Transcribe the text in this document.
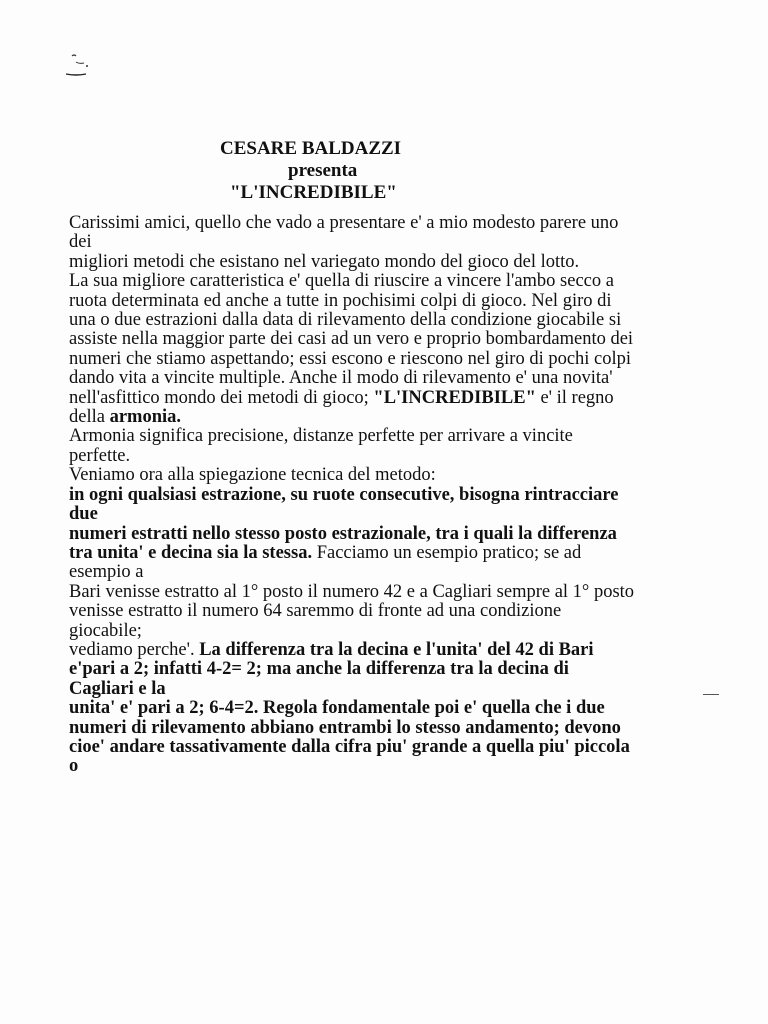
CESARE BALDAZZI
presenta
"L'INCREDIBILE"
Carissimi amici, quello che vado a presentare e' a mio modesto parere uno
dei
migliori metodi che esistano nel variegato mondo del gioco del lotto.
La sua migliore caratteristica e' quella di riuscire a vincere l'ambo secco a
ruota determinata ed anche a tutte in pochisimi colpi di gioco. Nel giro di
una o due estrazioni dalla data di rilevamento della condizione giocabile si
assiste nella maggior parte dei casi ad un vero e proprio bombardamento dei
numeri che stiamo aspettando; essi escono e riescono nel giro di pochi colpi
dando vita a vincite multiple. Anche il modo di rilevamento e' una novita'
nell'asfittico mondo dei metodi di gioco; "L'INCREDIBILE" e' il regno
della armonia.
Armonia significa precisione, distanze perfette per arrivare a vincite
perfette.
Veniamo ora alla spiegazione tecnica del metodo:
in ogni qualsiasi estrazione, su ruote consecutive, bisogna rintracciare
due
numeri estratti nello stesso posto estrazionale, tra i quali la differenza
tra unita' e decina sia la stessa. Facciamo un esempio pratico; se ad
esempio a
Bari venisse estratto al 1° posto il numero 42 e a Cagliari sempre al 1° posto
venisse estratto il numero 64 saremmo di fronte ad una condizione
giocabile;
vediamo perche'. La differenza tra la decina e l'unita' del 42 di Bari
e'pari a 2; infatti 4-2= 2; ma anche la differenza tra la decina di
Cagliari e la
unita' e' pari a 2; 6-4=2. Regola fondamentale poi e' quella che i due
numeri di rilevamento abbiano entrambi lo stesso andamento; devono
cioe' andare tassativamente dalla cifra piu' grande a quella piu' piccola
o
